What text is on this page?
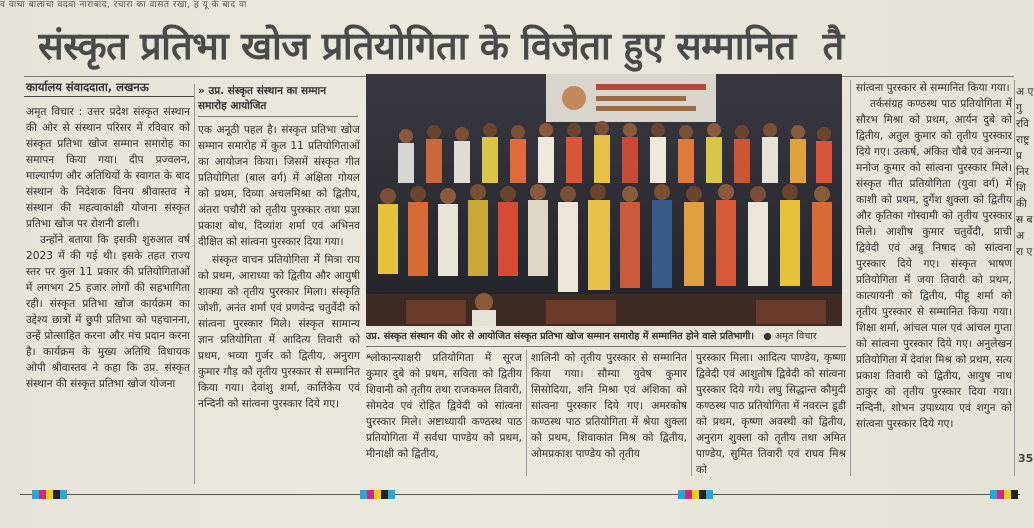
व वाचा बालाचा वदवा नाराबाद, रचारा का वासत रखा, ह यू के बाद वा
संस्कृत प्रतिभा खोज प्रतियोगिता के विजेता हुए सम्मानित तै
कार्यालय संवाददाता, लखनऊ

अमृत विचार : उत्तर प्रदेश संस्कृत संस्थान की ओर से संस्थान परिसर में रविवार को संस्कृत प्रतिभा खोज सम्मान समारोह का समापन किया गया। दीप प्रज्वलन, माल्यार्पण और अतिथियों के स्वागत के बाद संस्थान के निदेशक विनय श्रीवास्तव ने संस्थान की महत्वाकांक्षी योजना संस्कृत प्रतिभा खोज पर रोशनी डाली।

उन्होंने बताया कि इसकी शुरुआत वर्ष 2023 में की गई थी। इसके तहत राज्य स्तर पर कुल 11 प्रकार की प्रतियोगिताओं में लगभग 25 हजार लोगों की सहभागिता रही। संस्कृत प्रतिभा खोज कार्यक्रम का उद्देश्य छात्रों में छुपी प्रतिभा को पहचानना, उन्हें प्रोत्साहित करना और मंच प्रदान करना है। कार्यक्रम के मुख्य अतिथि विधायक ओपी श्रीवास्तव ने कहा कि उप्र. संस्कृत संस्थान की संस्कृत प्रतिभा खोज योजना

» उप्र. संस्कृत संस्थान का सम्मान समारोह आयोजित

एक अनूठी पहल है। संस्कृत प्रतिभा खोज सम्मान समारोह में कुल 11 प्रतियोगिताओं का आयोजन किया। जिसमें संस्कृत गीत प्रतियोगिता (बाल वर्ग) में अक्षिता गोयल को प्रथम, दिव्या अचलमिश्रा को द्वितीय, अंतरा पचौरी को तृतीय पुरस्कार तथा प्रज्ञा प्रकाश बोध, दिव्यांश शर्मा एवं अभिनव दीक्षित को सांत्वना पुरस्कार दिया गया।

संस्कृत वाचन प्रतियोगिता में मित्रा राय को प्रथम, आराध्या को द्वितीय और आयुषी शाक्या को तृतीय पुरस्कार मिला। संस्कृति जोशी, अनंत शर्मा एवं प्रणवेन्द्र चतुर्वेदी को सांत्वना पुरस्कार मिले। संस्कृत सामान्य ज्ञान प्रतियोगिता में आदित्य तिवारी को प्रथम, भव्या गुर्जर को द्वितीय, अनुराग कुमार गौड़ को तृतीय पुरस्कार से सम्मानित किया गया। देवांशु शर्मा, कार्तिकेय एवं नन्दिनी को सांत्वना पुरस्कार दिये गए।

उप्र. संस्कृत संस्थान की ओर से आयोजित संस्कृत प्रतिभा खोज सम्मान समारोह में सम्मानित होने वाले प्रतिभागी। ● अमृत विचार

श्लोकान्त्याक्षरी प्रतियोगिता में सूरज कुमार दुबे को प्रथम, सविता को द्वितीय शिवानी को तृतीय तथा राजकमल तिवारी, सोमदेव एवं रोहित द्विवेदी को सांत्वना पुरस्कार मिले। अष्टाध्यायी कण्ठस्थ पाठ प्रतियोगिता में सर्वधा पाण्डेय को प्रथम, मीनाक्षी को द्वितीय,

शालिनी को तृतीय पुरस्कार से सम्मानित किया गया। सौम्या युवेष कुमार सिसोदिया, शनि मिश्रा एवं अंशिका को सांत्वना पुरस्कार दिये गए। अमरकोष कण्ठस्थ पाठ प्रतियोगिता में श्रेया शुक्ला को प्रथम, शिवाकांत मिश्र को द्वितीय, ओमप्रकाश पाण्डेय को तृतीय

पुरस्कार मिला। आदित्य पाण्डेय, कृष्णा द्विवेदी एवं आशुतोष द्विवेदी को सांत्वना पुरस्कार दिये गये। लघु सिद्धान्त कौमुदी कण्ठस्थ पाठ प्रतियोगिता में नवरत्न डूडी को प्रथम, कृष्णा अवस्थी को द्वितीय, अनुराग शुक्ला को तृतीय तथा अमित पाण्डेय, सुमित तिवारी एवं राघव मिश्र को

सांत्वना पुरस्कार से सम्मानित किया गया।

तर्कसंग्रह कण्ठस्थ पाठ प्रतियोगिता में सौरभ मिश्रा को प्रथम, आर्यन दुबे को द्वितीय, अतुल कुमार को तृतीय पुरस्कार दिये गए। उत्कर्ष, अंकित चौबे एवं अनन्या मनोज कुमार को सांत्वना पुरस्कार मिले। संस्कृत गीत प्रतियोगिता (युवा वर्ग) में काशी को प्रथम, दुर्गेश शुक्ला को द्वितीय और कृतिका गोस्वामी को तृतीय पुरस्कार मिले। आशीष कुमार चतुर्वेदी, प्राची द्विवेदी एवं अन्नु निषाद को सांत्वना पुरस्कार दिये गए। संस्कृत भाषण प्रतियोगिता में जया तिवारी को प्रथम, कात्यायनी को द्वितीय, पीहू शर्मा को तृतीय पुरस्कार से सम्मानित किया गया। शिक्षा शर्मा, आंचल पाल एवं आंचल गुप्ता को सांत्वना पुरस्कार दिये गए। अनुलेखन प्रतियोगिता में देवांश मिश्र को प्रथम, सत्य प्रकाश तिवारी को द्वितीय, आयुष नाथ ठाकुर को तृतीय पुरस्कार दिया गया। नन्दिनी, शोभन उपाध्याय एवं शगुन को सांत्वना पुरस्कार दिये गए।

अ ए गु रवि राष्ट्र प्र निर शि की स ब अ रा ए
35
